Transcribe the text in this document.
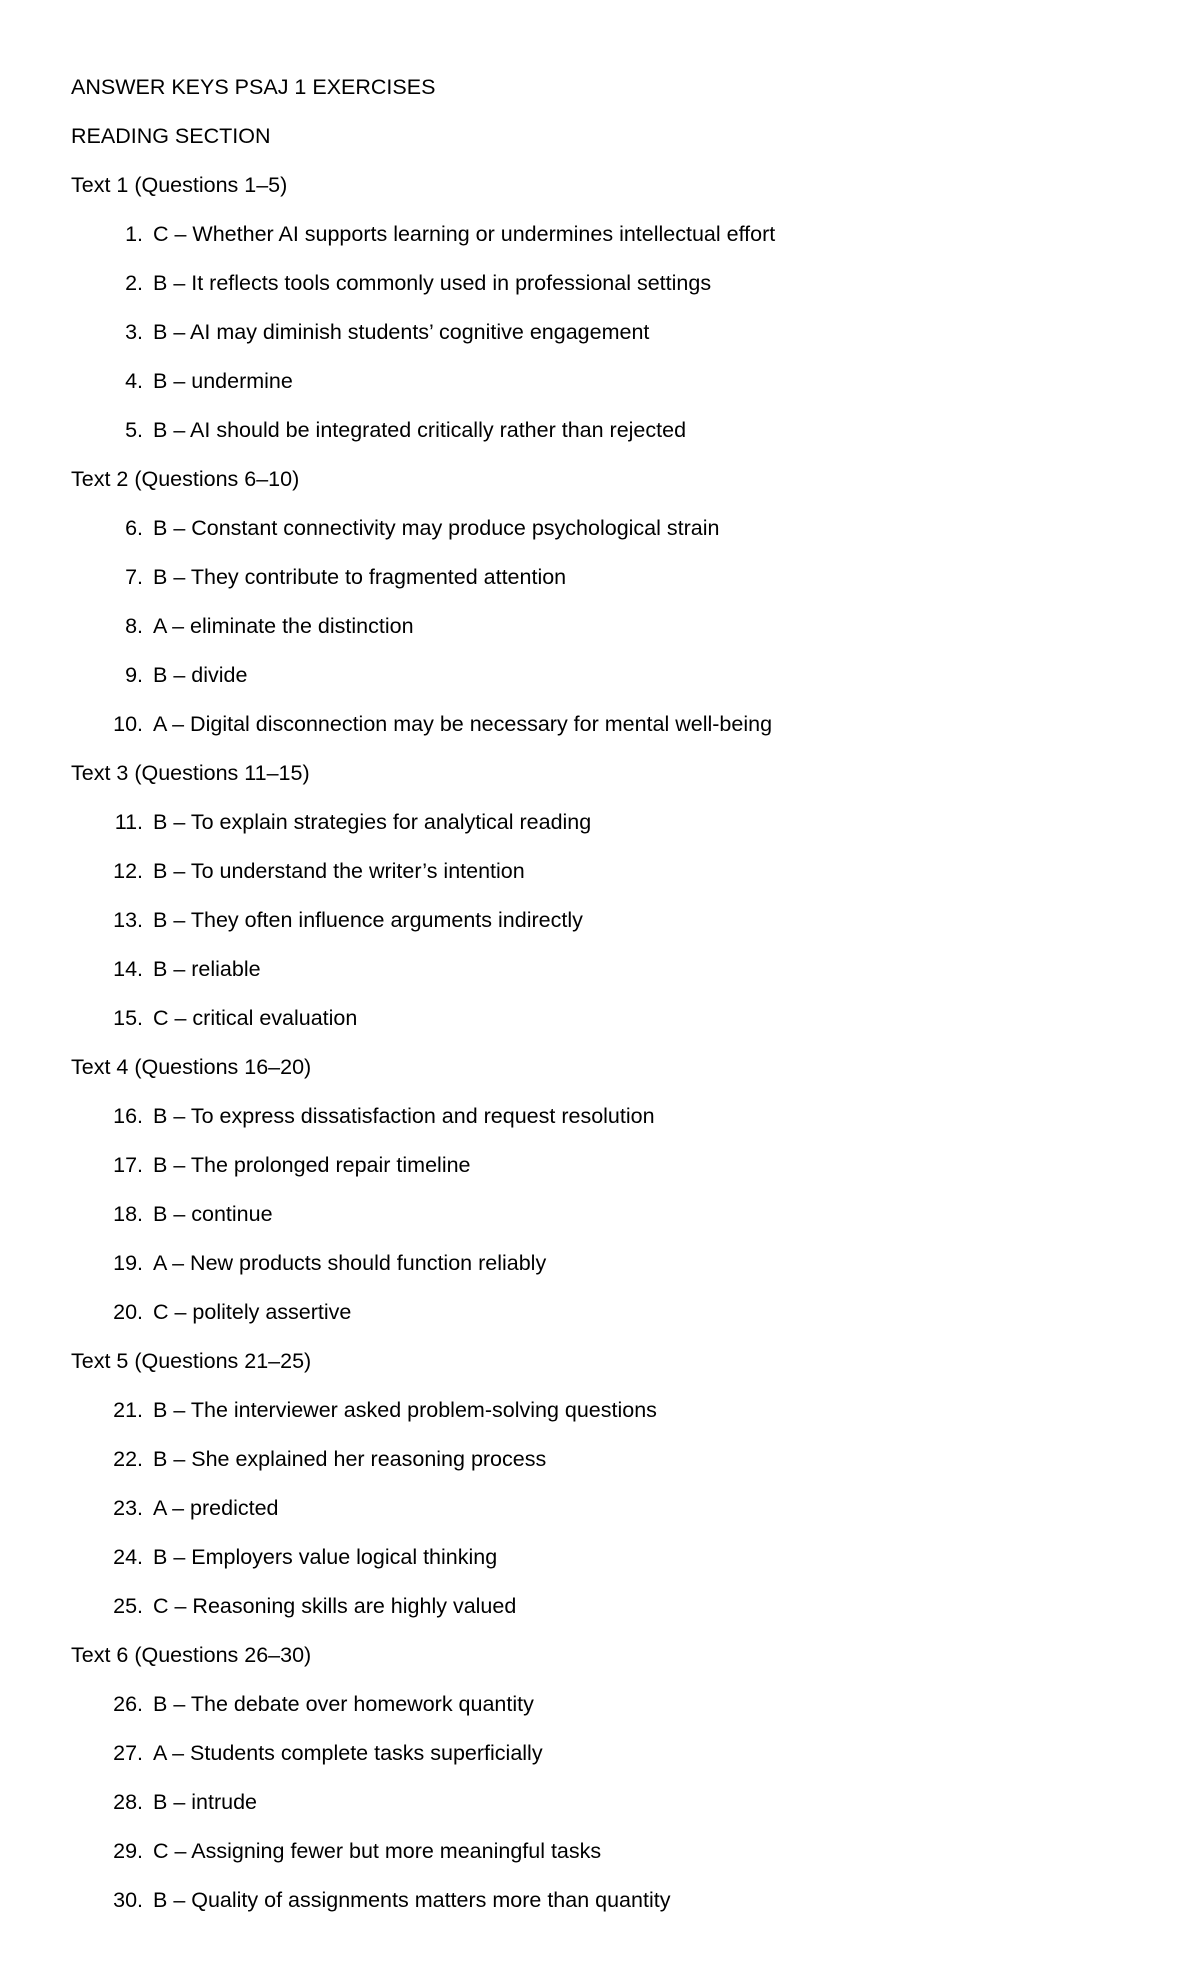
ANSWER KEYS PSAJ 1 EXERCISES
READING SECTION
Text 1 (Questions 1–5)
1. C – Whether AI supports learning or undermines intellectual effort
2. B – It reflects tools commonly used in professional settings
3. B – AI may diminish students’ cognitive engagement
4. B – undermine
5. B – AI should be integrated critically rather than rejected
Text 2 (Questions 6–10)
6. B – Constant connectivity may produce psychological strain
7. B – They contribute to fragmented attention
8. A – eliminate the distinction
9. B – divide
10. A – Digital disconnection may be necessary for mental well-being
Text 3 (Questions 11–15)
11. B – To explain strategies for analytical reading
12. B – To understand the writer’s intention
13. B – They often influence arguments indirectly
14. B – reliable
15. C – critical evaluation
Text 4 (Questions 16–20)
16. B – To express dissatisfaction and request resolution
17. B – The prolonged repair timeline
18. B – continue
19. A – New products should function reliably
20. C – politely assertive
Text 5 (Questions 21–25)
21. B – The interviewer asked problem-solving questions
22. B – She explained her reasoning process
23. A – predicted
24. B – Employers value logical thinking
25. C – Reasoning skills are highly valued
Text 6 (Questions 26–30)
26. B – The debate over homework quantity
27. A – Students complete tasks superficially
28. B – intrude
29. C – Assigning fewer but more meaningful tasks
30. B – Quality of assignments matters more than quantity
